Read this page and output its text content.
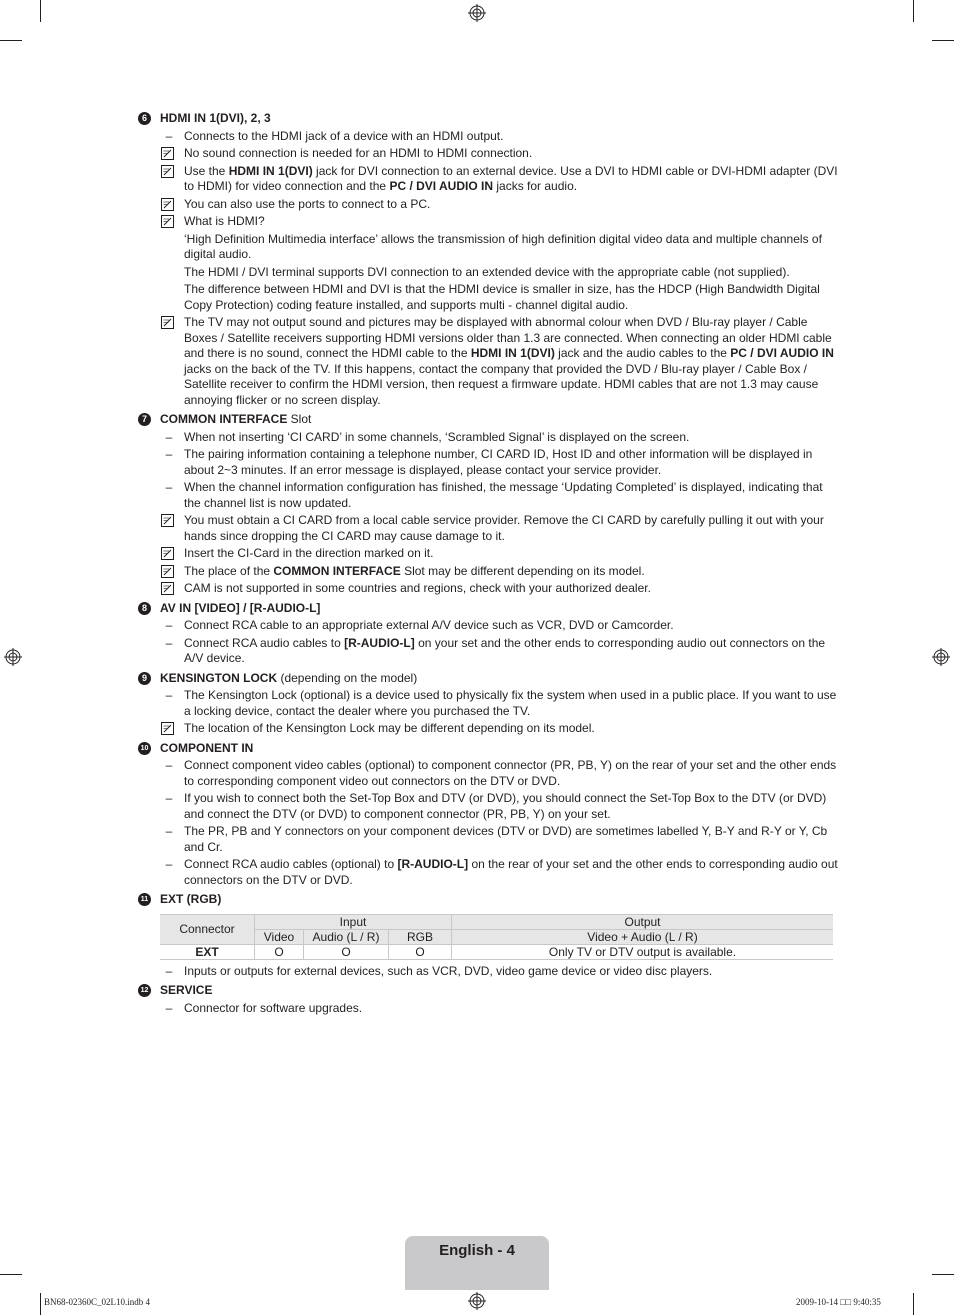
6	HDMI IN 1(DVI), 2, 3
– Connects to the HDMI jack of a device with an HDMI output.
No sound connection is needed for an HDMI to HDMI connection.
Use the HDMI IN 1(DVI) jack for DVI connection to an external device. Use a DVI to HDMI cable or DVI-HDMI adapter (DVI to HDMI) for video connection and the PC / DVI AUDIO IN jacks for audio.
You can also use the ports to connect to a PC.
What is HDMI?
‘High Definition Multimedia interface’ allows the transmission of high definition digital video data and multiple channels of digital audio.
The HDMI / DVI terminal supports DVI connection to an extended device with the appropriate cable (not supplied).
The difference between HDMI and DVI is that the HDMI device is smaller in size, has the HDCP (High Bandwidth Digital Copy Protection) coding feature installed, and supports multi - channel digital audio.
The TV may not output sound and pictures may be displayed with abnormal colour when DVD / Blu-ray player / Cable Boxes / Satellite receivers supporting HDMI versions older than 1.3 are connected. When connecting an older HDMI cable and there is no sound, connect the HDMI cable to the HDMI IN 1(DVI) jack and the audio cables to the PC / DVI AUDIO IN jacks on the back of the TV. If this happens, contact the company that provided the DVD / Blu-ray player / Cable Box / Satellite receiver to confirm the HDMI version, then request a firmware update. HDMI cables that are not 1.3 may cause annoying flicker or no screen display.
7	COMMON INTERFACE Slot
– When not inserting ‘CI CARD’ in some channels, ‘Scrambled Signal’ is displayed on the screen.
– The pairing information containing a telephone number, CI CARD ID, Host ID and other information will be displayed in about 2~3 minutes. If an error message is displayed, please contact your service provider.
– When the channel information configuration has finished, the message ‘Updating Completed’ is displayed, indicating that the channel list is now updated.
You must obtain a CI CARD from a local cable service provider. Remove the CI CARD by carefully pulling it out with your hands since dropping the CI CARD may cause damage to it.
Insert the CI-Card in the direction marked on it.
The place of the COMMON INTERFACE Slot may be different depending on its model.
CAM is not supported in some countries and regions, check with your authorized dealer.
8	AV IN [VIDEO] / [R-AUDIO-L]
– Connect RCA cable to an appropriate external A/V device such as VCR, DVD or Camcorder.
– Connect RCA audio cables to [R-AUDIO-L] on your set and the other ends to corresponding audio out connectors on the A/V device.
9	KENSINGTON LOCK (depending on the model)
– The Kensington Lock (optional) is a device used to physically fix the system when used in a public place. If you want to use a locking device, contact the dealer where you purchased the TV.
The location of the Kensington Lock may be different depending on its model.
10 COMPONENT IN
– Connect component video cables (optional) to component connector (PR, PB, Y) on the rear of your set and the other ends to corresponding component video out connectors on the DTV or DVD.
– If you wish to connect both the Set-Top Box and DTV (or DVD), you should connect the Set-Top Box to the DTV (or DVD) and connect the DTV (or DVD) to component connector (PR, PB, Y) on your set.
– The PR, PB and Y connectors on your component devices (DTV or DVD) are sometimes labelled Y, B-Y and R-Y or Y, Cb and Cr.
– Connect RCA audio cables (optional) to [R-AUDIO-L] on the rear of your set and the other ends to corresponding audio out connectors on the DTV or DVD.
11 EXT (RGB)
Connector	Input			Output
	Video	Audio (L / R)	RGB	Video + Audio (L / R)
EXT	O	O	O	Only TV or DTV output is available.
– Inputs or outputs for external devices, such as VCR, DVD, video game device or video disc players.
12 SERVICE
– Connector for software upgrades.
English - 4
BN68-02360C_02L10.indb 4	2009-10-14 □□ 9:40:35
